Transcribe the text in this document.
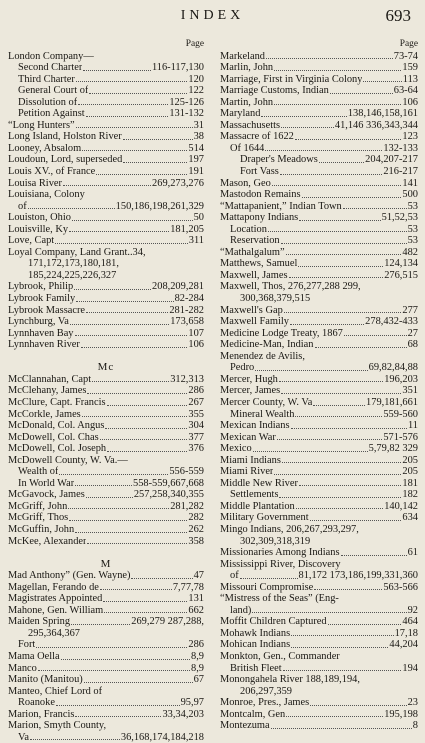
INDEX	693
Page
London Company—
Second Charter	116-117,130
Third Charter	120
General Court of	122
Dissolution of	125-126
Petition Against	131-132
“Long Hunters”	31
Long Island, Holston River	38
Looney, Absalom	514
Loudoun, Lord, superseded	197
Louis XV., of France	191
Louisa River	269,273,276
Louisiana, Colony
of	150,186,198,261,329
Louiston, Ohio	50
Louisville, Ky	181,205
Love, Capt	311
Loyal Company, Land Grant..34,
171,172,173,180,181,
185,224,225,226,327
Lybrook, Philip	208,209,281
Lybrook Family	82-284
Lybrook Massacre	281-282
Lynchburg, Va	173,658
Lynnhaven Bay	107
Lynnhaven River	106
Mc
McClannahan, Capt	312,313
McClehany, James	286
McClure, Capt. Francis	267
McCorkle, James	355
McDonald, Col. Angus	304
McDowell, Col. Chas	377
McDowell, Col. Joseph	376
McDowell County, W. Va.—
Wealth of	556-559
In World War	558-559,667,668
McGavock, James	257,258,340,355
McGriff, John	281,282
McGriff, Thos	282
McGuffin, John	262
McKee, Alexander	358
M
Mad Anthony” (Gen. Wayne)	47
Magellan, Ferando de	7,77,78
Magistrates Appointed	131
Mahone, Gen. William	662
Maiden Spring	269,279 287,288,
295,364,367
Fort	286
Mama Oella	8,9
Manco	8,9
Manito (Manitou)	67
Manteo, Chief Lord of
Roanoke	95,97
Marion, Francis	33,34,203
Marion, Smyth County,
Va	36,168,174,184,218
Page
Markeland	73-74
Marlin, John	159
Marriage, First in Virginia Colony	113
Marriage Customs, Indian	63-64
Martin, John	106
Maryland	138,146,158,161
Massachusetts	41,146 336,343,344
Massacre of 1622	123
Of 1644	132-133
Draper's Meadows	204,207-217
Fort Vass	216-217
Mason, Geo	141
Mastodon Remains	500
“Mattapanient,” Indian Town	53
Mattapony Indians	51,52,53
Location	53
Reservation	53
“Mathalgalum”	482
Matthews, Samuel	124,134
Maxwell, James	276,515
Maxwell, Thos, 276,277,288 299,
300,368,379,515
Maxwell's Gap	277
Maxwell Family	278,432-433
Medicine Lodge Treaty, 1867	27
Medicine-Man, Indian	68
Menendez de Avilis,
Pedro	69,82,84,88
Mercer, Hugh	196,203
Mercer, James	351
Mercer County, W. Va	179,181,661
Mineral Wealth	559-560
Mexican Indians	11
Mexican War	571-576
Mexico	5,79,82 329
Miami Indians	205
Miami River	205
Middle New River	181
Settlements	182
Middle Plantation	140,142
Military Government	634
Mingo Indians, 206,267,293,297,
302,309,318,319
Missionaries Among Indians	61
Mississippi River, Discovery
of	81,172 173,186,199,331,360
Missouri Compromise	563-566
“Mistress of the Seas” (Eng-
land)	92
Moffit Children Captured	464
Mohawk Indians	17,18
Mohican Indians	44,204
Monkton, Gen., Commander
British Fleet	194
Monongahela River 188,189,194,
206,297,359
Monroe, Pres., James	23
Montcalm, Gen	195,198
Montezuma	8
